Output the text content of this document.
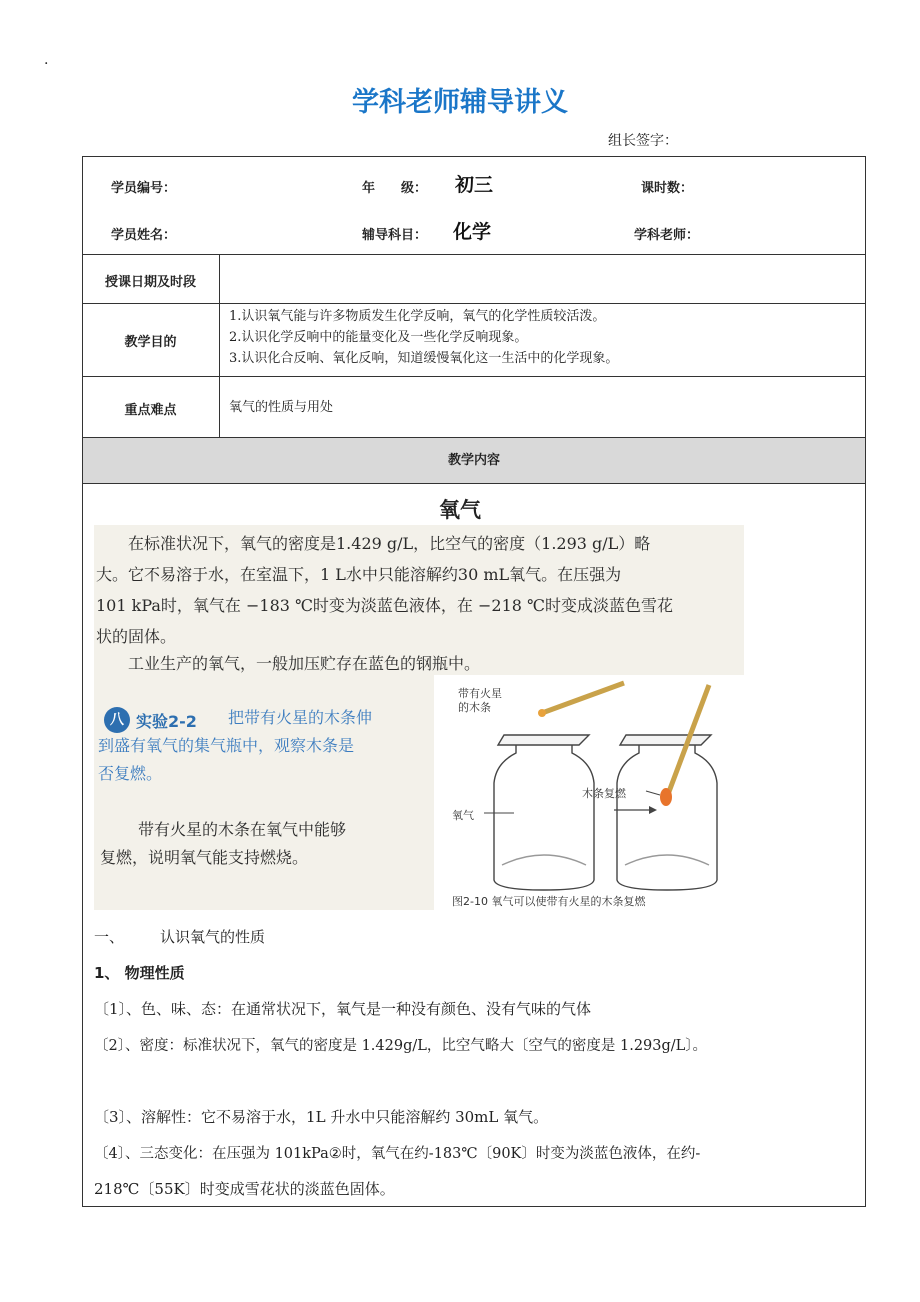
.
学科老师辅导讲义
组长签字：
学员编号：	年　　级： 初三	课时数：
学员姓名：	辅导科目： 化学	学科老师：
授课日期及时段
教学目的
1.认识氧气能与许多物质发生化学反响，氧气的化学性质较活泼。
2.认识化学反响中的能量变化及一些化学反响现象。
3.认识化合反响、氧化反响，知道缓慢氧化这一生活中的化学现象。
重点难点	氧气的性质与用处
教学内容
氧气
在标准状况下，氧气的密度是1.429 g/L，比空气的密度（1.293 g/L）略
大。它不易溶于水，在室温下，1 L水中只能溶解约30 mL氧气。在压强为
101 kPa时，氧气在 −183 ℃时变为淡蓝色液体，在 −218 ℃时变成淡蓝色雪花
状的固体。
工业生产的氧气，一般加压贮存在蓝色的钢瓶中。
八 实验2-2 把带有火星的木条伸
到盛有氧气的集气瓶中，观察木条是
否复燃。
带有火星的木条在氧气中能够
复燃，说明氧气能支持燃烧。
带有火星
的木条
氧气
木条复燃
图2-10 氧气可以使带有火星的木条复燃
一、 认识氧气的性质
1、 物理性质
〔1〕、色、味、态：在通常状况下，氧气是一种没有颜色、没有气味的气体
〔2〕、密度：标准状况下，氧气的密度是 1.429g/L，比空气略大〔空气的密度是 1.293g/L〕。
〔3〕、溶解性：它不易溶于水，1L 升水中只能溶解约 30mL 氧气。
〔4〕、三态变化：在压强为 101kPa②时，氧气在约-183℃〔90K〕时变为淡蓝色液体，在约-
218℃〔55K〕时变成雪花状的淡蓝色固体。
